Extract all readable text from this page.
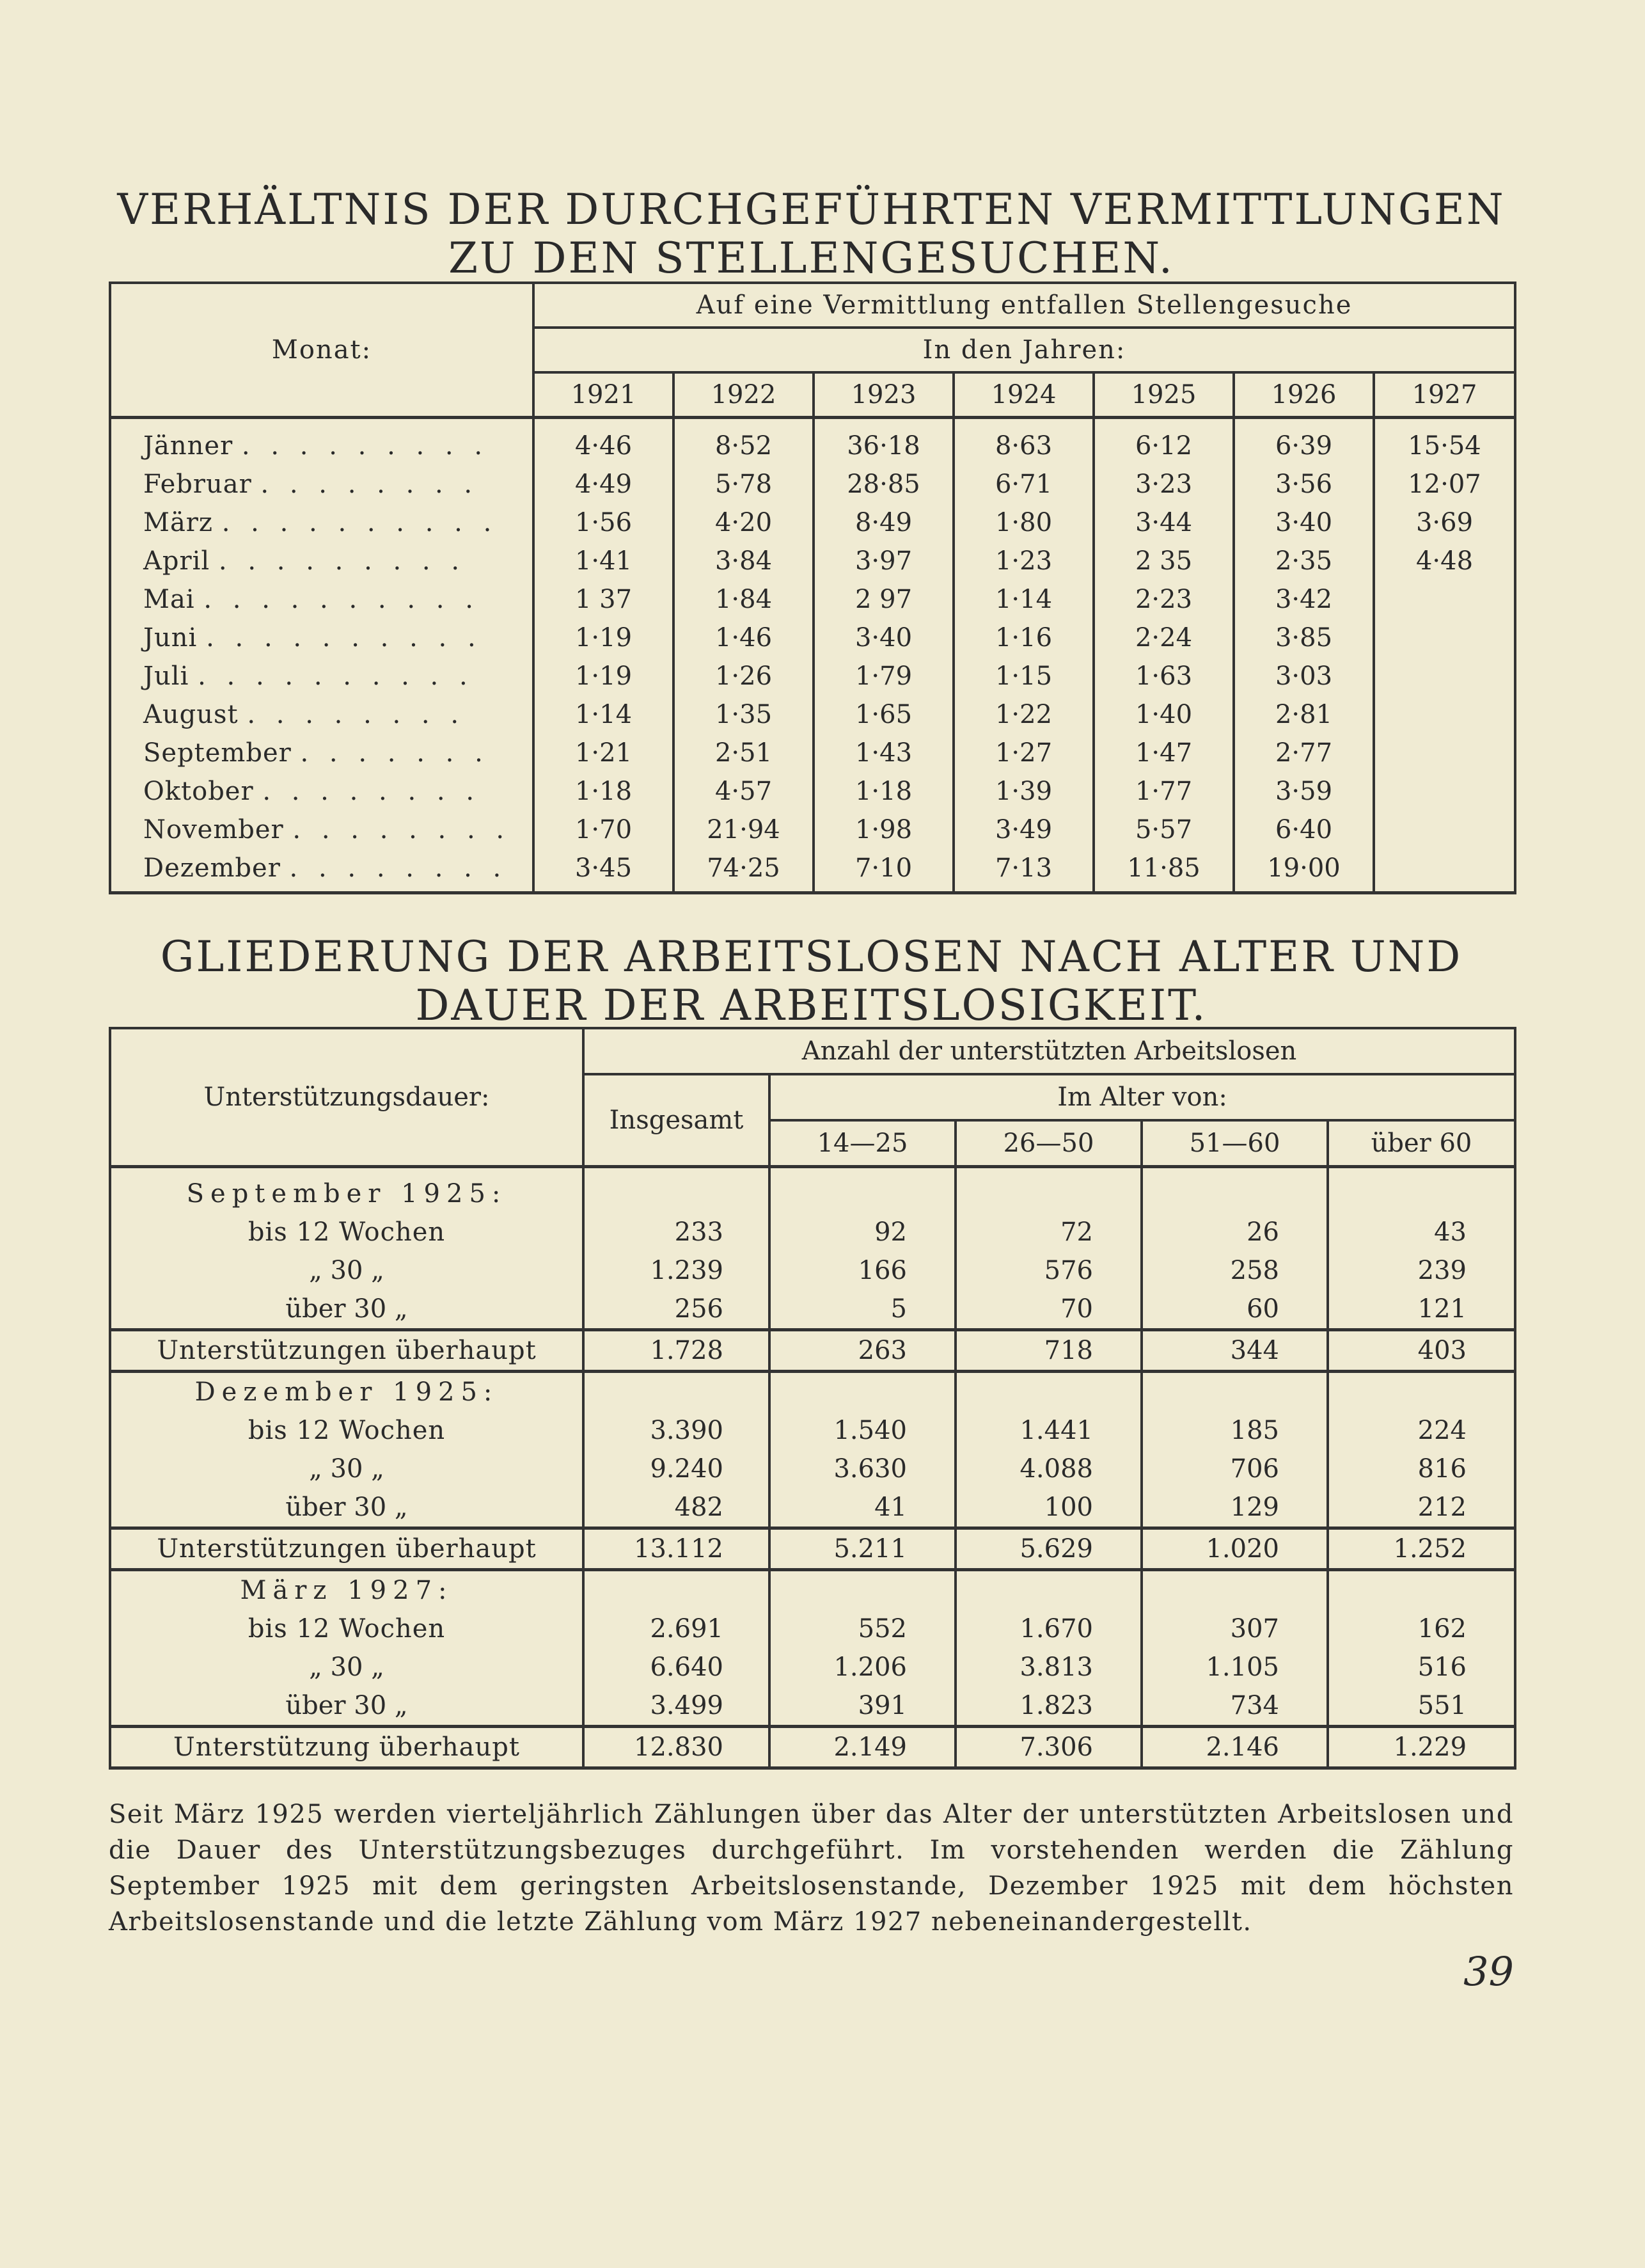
VERHÄLTNIS DER DURCHGEFÜHRTEN VERMITTLUNGEN ZU DEN STELLENGESUCHEN.
Monat:	Auf eine Vermittlung entfallen Stellengesuche						
	In den Jahren:						
	1921	1922	1923	1924	1925	1926	1927
Jänner . . . . . . . . .	4·46	8·52	36·18	8·63	6·12	6·39	15·54
Februar . . . . . . . .	4·49	5·78	28·85	6·71	3·23	3·56	12·07
März . . . . . . . . . .	1·56	4·20	8·49	1·80	3·44	3·40	3·69
April . . . . . . . . .	1·41	3·84	3·97	1·23	2 35	2·35	4·48
Mai . . . . . . . . . .	1 37	1·84	2 97	1·14	2·23	3·42	
Juni . . . . . . . . . .	1·19	1·46	3·40	1·16	2·24	3·85	
Juli . . . . . . . . . .	1·19	1·26	1·79	1·15	1·63	3·03	
August . . . . . . . .	1·14	1·35	1·65	1·22	1·40	2·81	
September . . . . . . .	1·21	2·51	1·43	1·27	1·47	2·77	
Oktober . . . . . . . .	1·18	4·57	1·18	1·39	1·77	3·59	
November . . . . . . . .	1·70	21·94	1·98	3·49	5·57	6·40	
Dezember . . . . . . . .	3·45	74·25	7·10	7·13	11·85	19·00	
GLIEDERUNG DER ARBEITSLOSEN NACH ALTER UND DAUER DER ARBEITSLOSIGKEIT.
Unterstützungsdauer:	Anzahl der unterstützten Arbeitslosen				
	Insgesamt	Im Alter von:			
		14—25	26—50	51—60	über 60
September 1925:					
bis 12 Wochen	233	92	72	26	43
„ 30 „	1.239	166	576	258	239
über 30 „	256	5	70	60	121
Unterstützungen überhaupt	1.728	263	718	344	403
Dezember 1925:					
bis 12 Wochen	3.390	1.540	1.441	185	224
„ 30 „	9.240	3.630	4.088	706	816
über 30 „	482	41	100	129	212
Unterstützungen überhaupt	13.112	5.211	5.629	1.020	1.252
März 1927:					
bis 12 Wochen	2.691	552	1.670	307	162
„ 30 „	6.640	1.206	3.813	1.105	516
über 30 „	3.499	391	1.823	734	551
Unterstützung überhaupt	12.830	2.149	7.306	2.146	1.229

Seit März 1925 werden vierteljährlich Zählungen über das Alter der unterstützten Arbeitslosen und die Dauer des Unterstützungsbezuges durchgeführt. Im vorstehenden werden die Zählung September 1925 mit dem geringsten Arbeitslosenstande, Dezember 1925 mit dem höchsten Arbeitslosenstande und die letzte Zählung vom März 1927 nebeneinandergestellt.

39
